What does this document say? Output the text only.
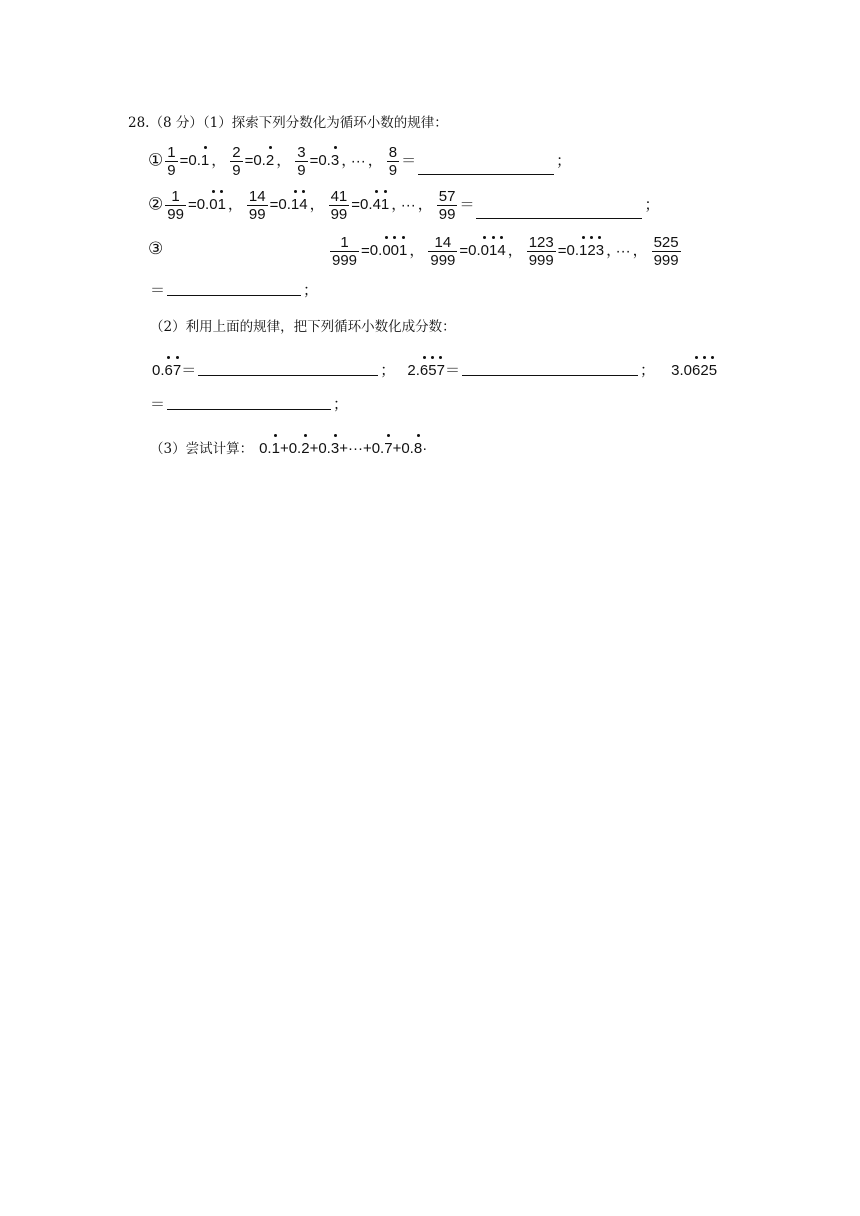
28.（8 分）（1）探索下列分数化为循环小数的规律：
① $\frac{1}{9} =0$.
1 ， $\frac{2}{9} =0$.
2 ， $\frac{3}{9} =0$.
3 ， ··· ， $\frac{8}{9}$ ＝	；
② $\frac{1}{99} =0$.
0
1 ， $\frac{14}{99} =0$.
1
4 ， $\frac{41}{99} =0$.
4
1 ， ··· ， $\frac{57}{99}$ ＝	；
③	$\frac{1}{999} =0$.
0
0
1 ， $\frac{14}{999} =0$.
0
1
4 ， $\frac{123}{999} =0$.
1
2
3 ， ··· ， $\frac{525}{999}$
＝	；
（2）利用上面的规律，把下列循环小数化成分数：
0.
6
7＝	； 2.
6
5
7＝	； 3.0
6
2
5
＝	；
（3）尝试计算： 0.
1+0.
2+0.
3+···+0.
7+0.
8·
